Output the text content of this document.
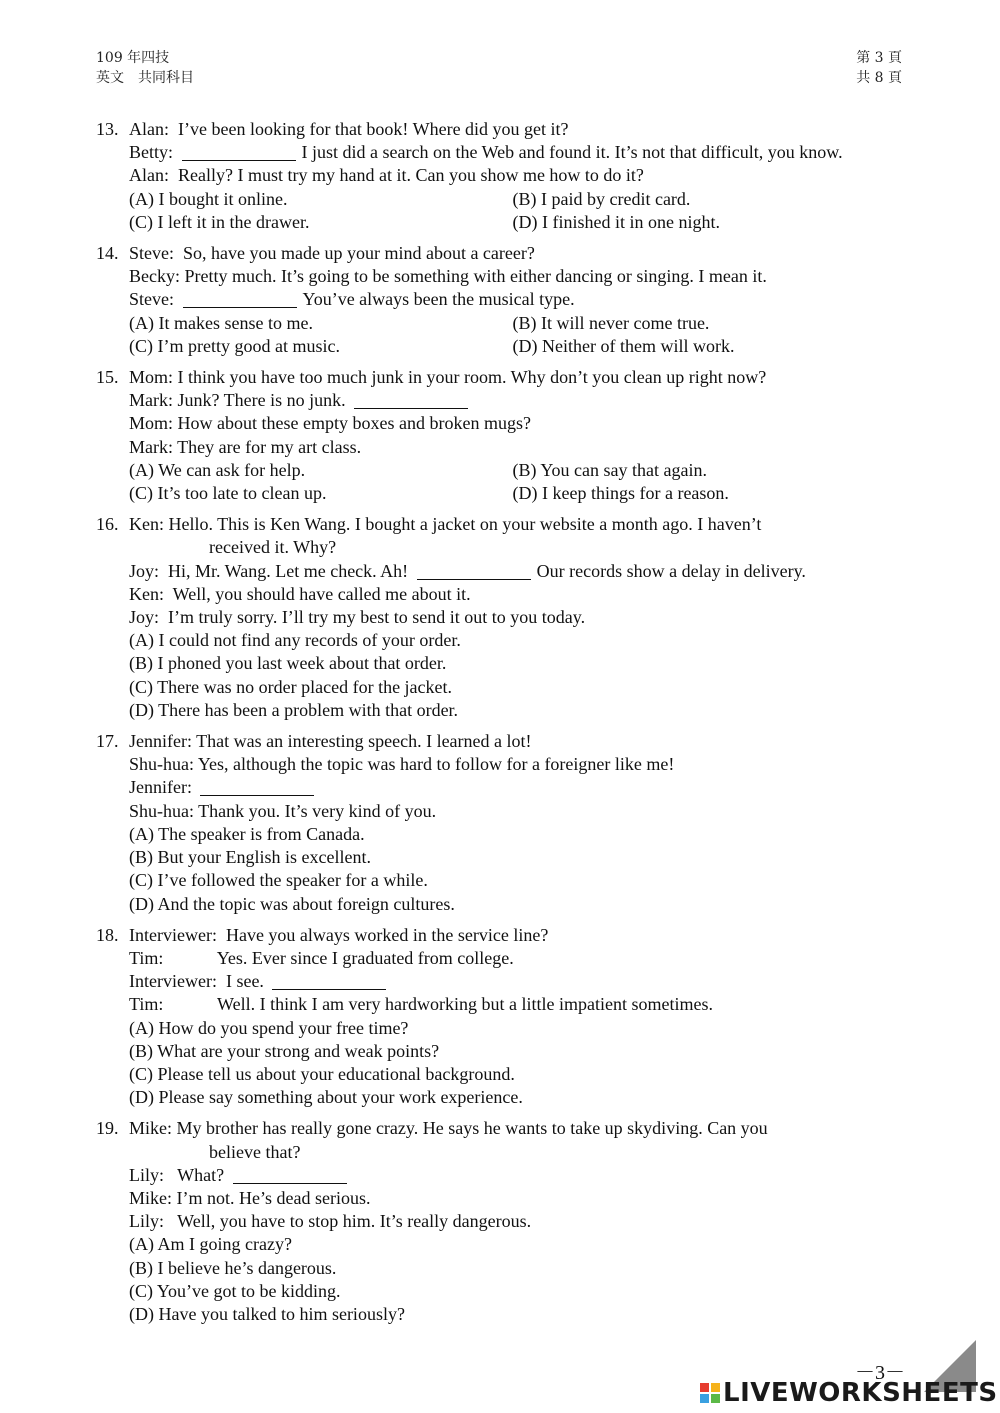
109 年四技
英文　共同科目
第 3 頁
共 8 頁
13. Alan:  I’ve been looking for that book! Where did you get it?
Betty:	I just did a search on the Web and found it. It’s not that difficult, you know.
Alan:  Really? I must try my hand at it. Can you show me how to do it?
(A) I bought it online.	(B) I paid by credit card.
(C) I left it in the drawer.	(D) I finished it in one night.
14. Steve:  So, have you made up your mind about a career?
Becky: Pretty much. It’s going to be something with either dancing or singing. I mean it.
Steve:	You’ve always been the musical type.
(A) It makes sense to me.	(B) It will never come true.
(C) I’m pretty good at music.	(D) Neither of them will work.
15. Mom: I think you have too much junk in your room. Why don’t you clean up right now?
Mark: Junk? There is no junk.
Mom: How about these empty boxes and broken mugs?
Mark: They are for my art class.
(A) We can ask for help.	(B) You can say that again.
(C) It’s too late to clean up.	(D) I keep things for a reason.
16. Ken: Hello. This is Ken Wang. I bought a jacket on your website a month ago. I haven’t
received it. Why?
Joy:  Hi, Mr. Wang. Let me check. Ah!	Our records show a delay in delivery.
Ken:  Well, you should have called me about it.
Joy:  I’m truly sorry. I’ll try my best to send it out to you today.
(A) I could not find any records of your order.
(B) I phoned you last week about that order.
(C) There was no order placed for the jacket.
(D) There has been a problem with that order.
17. Jennifer: That was an interesting speech. I learned a lot!
Shu-hua: Yes, although the topic was hard to follow for a foreigner like me!
Jennifer:
Shu-hua: Thank you. It’s very kind of you.
(A) The speaker is from Canada.
(B) But your English is excellent.
(C) I’ve followed the speaker for a while.
(D) And the topic was about foreign cultures.
18. Interviewer:  Have you always worked in the service line?
Tim:            Yes. Ever since I graduated from college.
Interviewer:  I see.
Tim:            Well. I think I am very hardworking but a little impatient sometimes.
(A) How do you spend your free time?
(B) What are your strong and weak points?
(C) Please tell us about your educational background.
(D) Please say something about your work experience.
19. Mike: My brother has really gone crazy. He says he wants to take up skydiving. Can you
believe that?
Lily:   What?
Mike: I’m not. He’s dead serious.
Lily:   Well, you have to stop him. It’s really dangerous.
(A) Am I going crazy?
(B) I believe he’s dangerous.
(C) You’ve got to be kidding.
(D) Have you talked to him seriously?
－3－
LIVEWORKSHEETS
